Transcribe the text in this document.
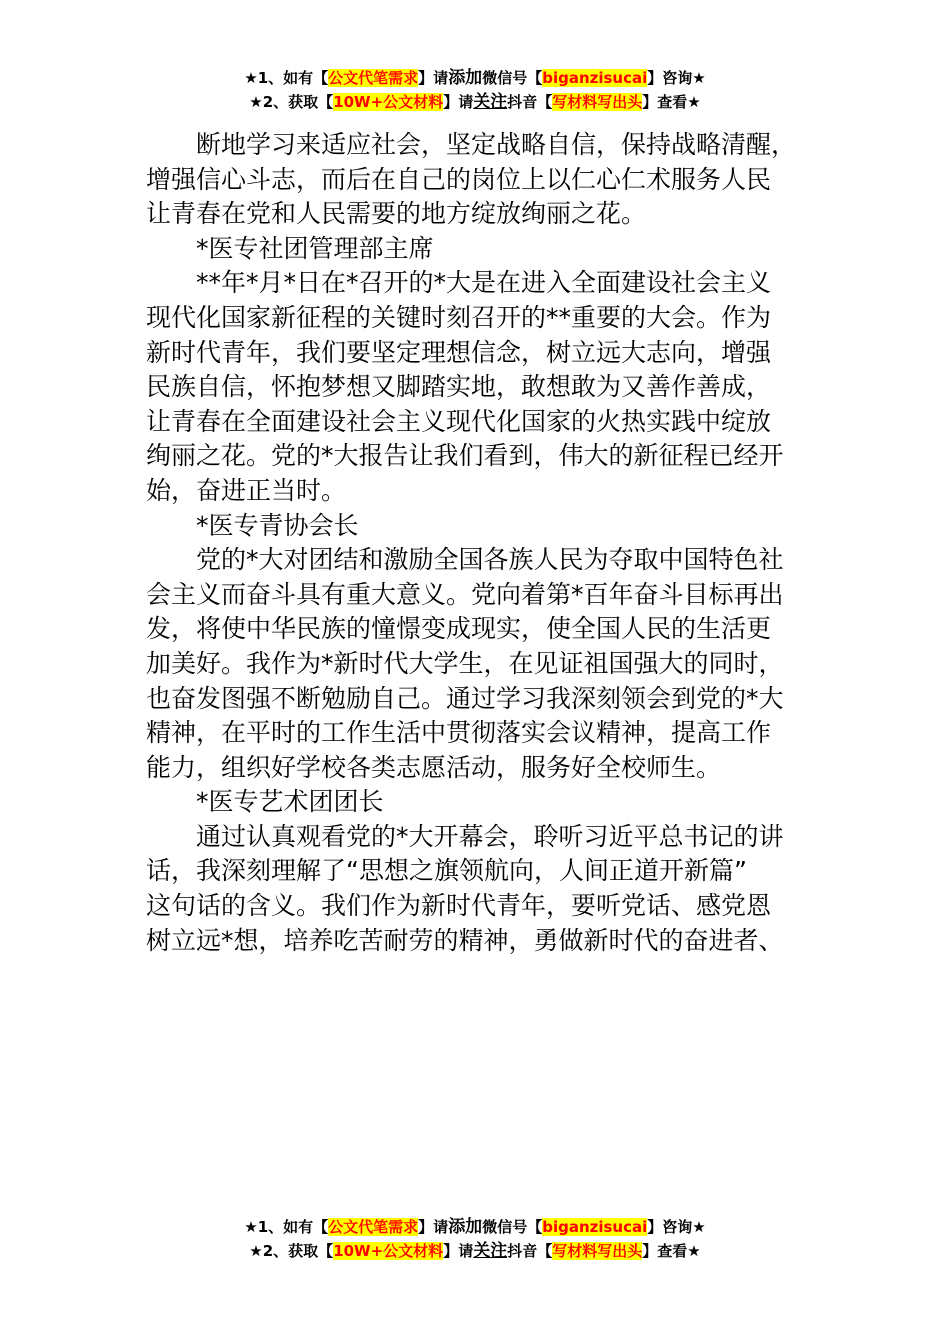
★1、如有【公文代笔需求】请添加微信号【biganzisucai】咨询★
★2、获取【10W+公文材料】请关注抖音【写材料写出头】查看★
断地学习来适应社会，坚定战略自信，保持战略清醒，
增强信心斗志，而后在自己的岗位上以仁心仁术服务人民
让青春在党和人民需要的地方绽放绚丽之花。
*医专社团管理部主席
**年*月*日在*召开的*大是在进入全面建设社会主义
现代化国家新征程的关键时刻召开的**重要的大会。作为
新时代青年，我们要坚定理想信念，树立远大志向，增强
民族自信，怀抱梦想又脚踏实地，敢想敢为又善作善成，
让青春在全面建设社会主义现代化国家的火热实践中绽放
绚丽之花。党的*大报告让我们看到，伟大的新征程已经开
始，奋进正当时。
*医专青协会长
党的*大对团结和激励全国各族人民为夺取中国特色社
会主义而奋斗具有重大意义。党向着第*百年奋斗目标再出
发，将使中华民族的憧憬变成现实，使全国人民的生活更
加美好。我作为*新时代大学生，在见证祖国强大的同时，
也奋发图强不断勉励自己。通过学习我深刻领会到党的*大
精神，在平时的工作生活中贯彻落实会议精神，提高工作
能力，组织好学校各类志愿活动，服务好全校师生。
*医专艺术团团长
通过认真观看党的*大开幕会，聆听习近平总书记的讲
话，我深刻理解了“思想之旗领航向，人间正道开新篇”
这句话的含义。我们作为新时代青年，要听党话、感党恩
树立远*想，培养吃苦耐劳的精神，勇做新时代的奋进者、
★1、如有【公文代笔需求】请添加微信号【biganzisucai】咨询★
★2、获取【10W+公文材料】请关注抖音【写材料写出头】查看★
